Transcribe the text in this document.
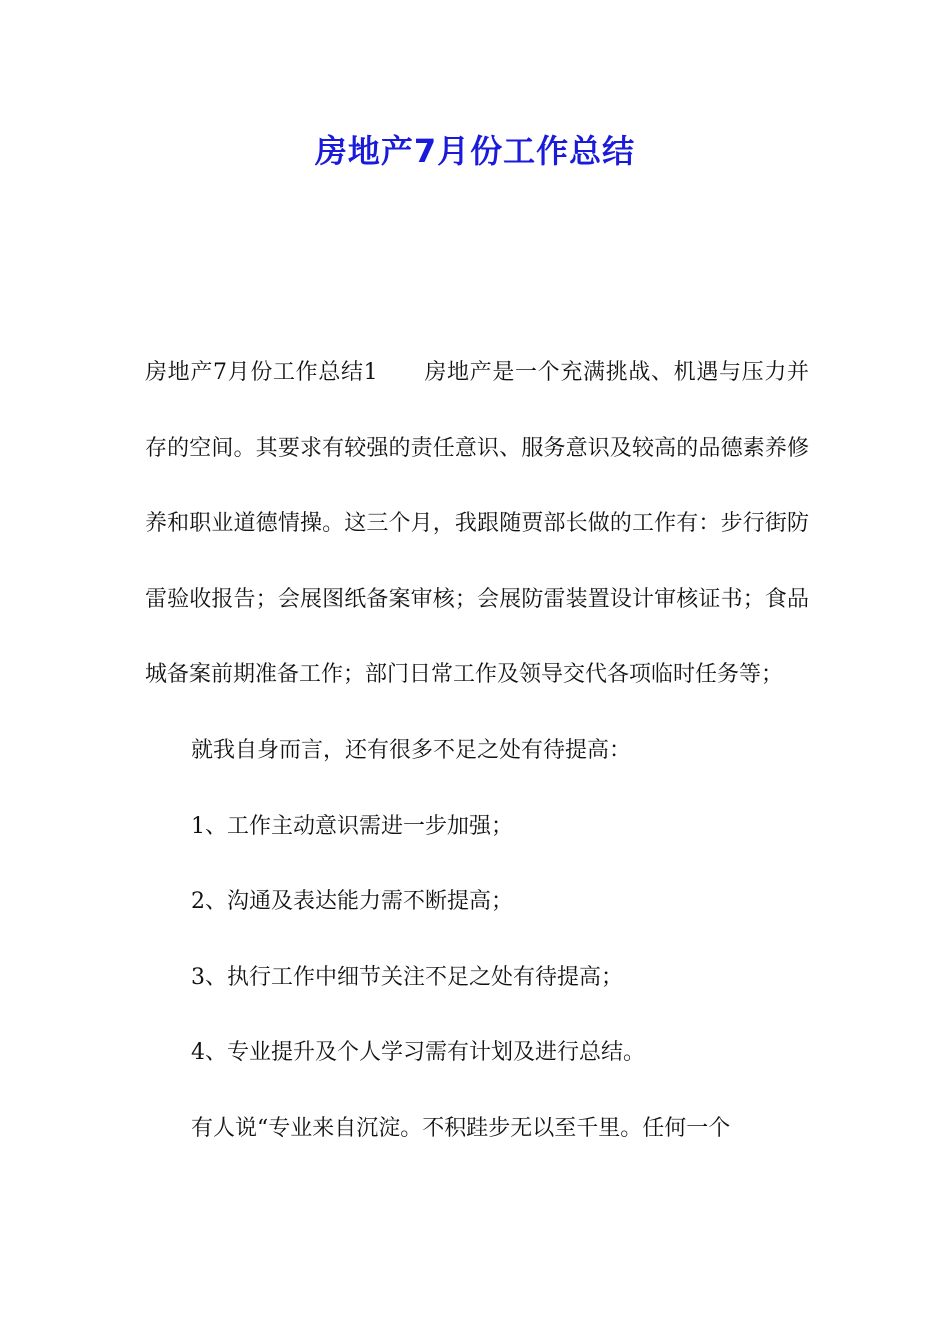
房地产7月份工作总结

房地产7月份工作总结1 房地产是一个充满挑战、机遇与压力并存的空间。其要求有较强的责任意识、服务意识及较高的品德素养修养和职业道德情操。这三个月，我跟随贾部长做的工作有：步行街防雷验收报告；会展图纸备案审核；会展防雷装置设计审核证书；食品城备案前期准备工作；部门日常工作及领导交代各项临时任务等；

就我自身而言，还有很多不足之处有待提高：

1、工作主动意识需进一步加强；

2、沟通及表达能力需不断提高；

3、执行工作中细节关注不足之处有待提高；

4、专业提升及个人学习需有计划及进行总结。

有人说“专业来自沉淀。不积跬步无以至千里。任何一个
